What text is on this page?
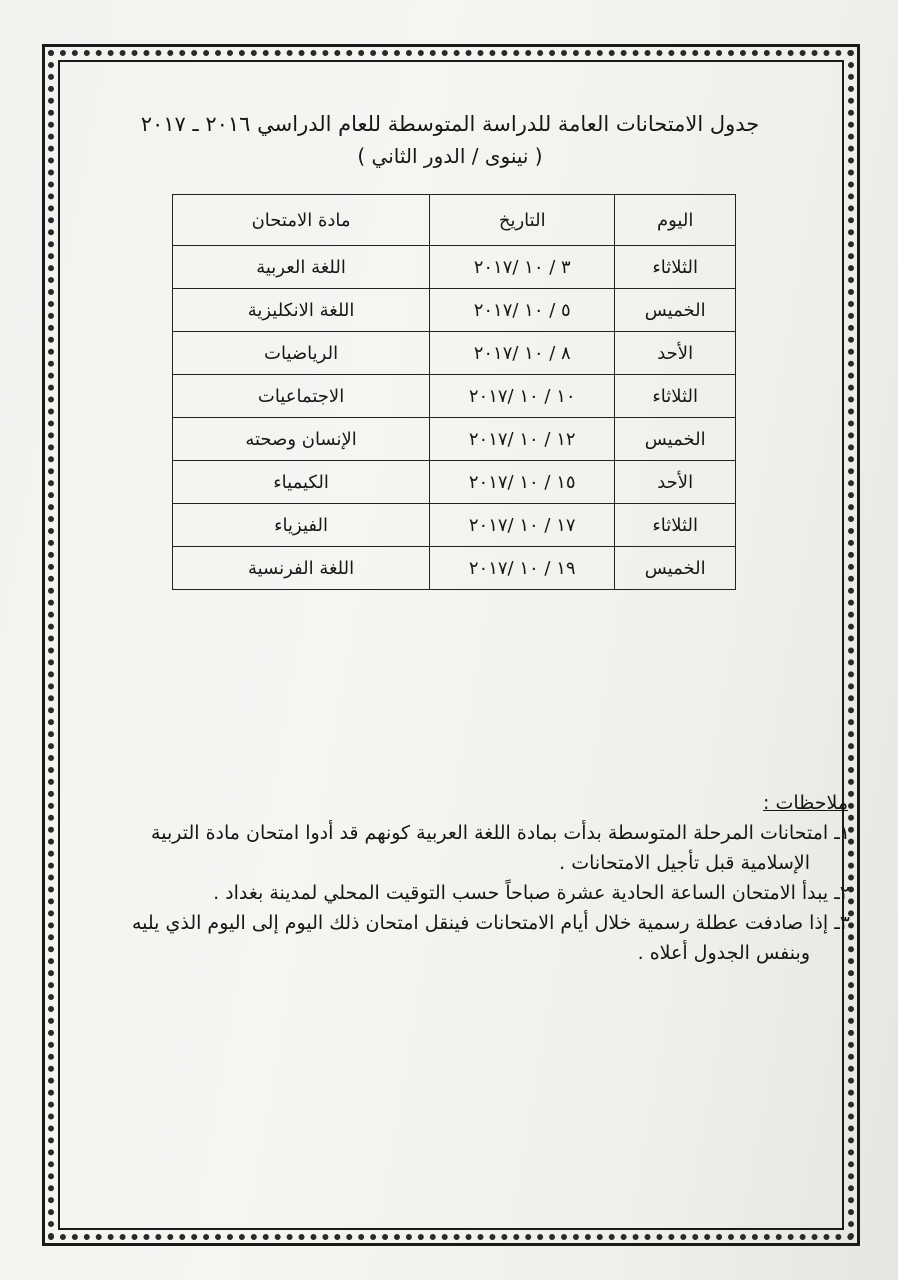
جدول الامتحانات العامة للدراسة المتوسطة للعام الدراسي ٢٠١٦ ـ ٢٠١٧
( نينوى / الدور الثاني )
اليوم	التاريخ	مادة الامتحان
الثلاثاء	٣ / ١٠ /٢٠١٧	اللغة العربية
الخميس	٥ / ١٠ /٢٠١٧	اللغة الانكليزية
الأحد	٨ / ١٠ /٢٠١٧	الرياضيات
الثلاثاء	١٠ / ١٠ /٢٠١٧	الاجتماعيات
الخميس	١٢ / ١٠ /٢٠١٧	الإنسان وصحته
الأحد	١٥ / ١٠ /٢٠١٧	الكيمياء
الثلاثاء	١٧ / ١٠ /٢٠١٧	الفيزياء
الخميس	١٩ / ١٠ /٢٠١٧	اللغة الفرنسية
ملاحظات :
١ـ امتحانات المرحلة المتوسطة بدأت بمادة اللغة العربية كونهم قد أدوا امتحان مادة التربية الإسلامية قبل تأجيل الامتحانات .
٢ـ يبدأ الامتحان الساعة الحادية عشرة صباحاً حسب التوقيت المحلي لمدينة بغداد .
٣ـ إذا صادفت عطلة رسمية خلال أيام الامتحانات فينقل امتحان ذلك اليوم إلى اليوم الذي يليه وبنفس الجدول أعلاه .
